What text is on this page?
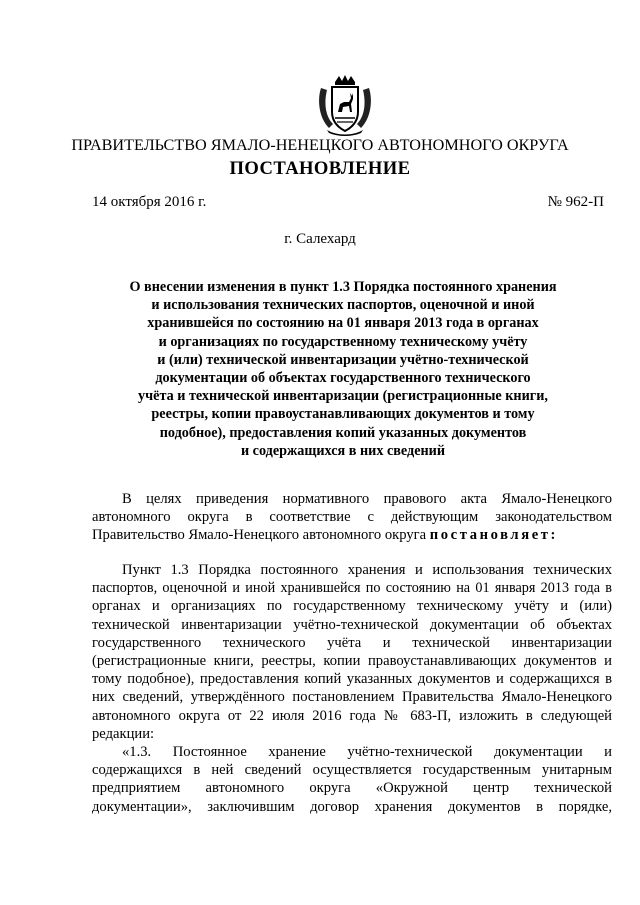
ПРАВИТЕЛЬСТВО ЯМАЛО-НЕНЕЦКОГО АВТОНОМНОГО ОКРУГА
ПОСТАНОВЛЕНИЕ
14 октября 2016 г.	№ 962-П
г. Салехард
О внесении изменения в пункт 1.3 Порядка постоянного хранения
и использования технических паспортов, оценочной и иной
хранившейся по состоянию на 01 января 2013 года в органах
и организациях по государственному техническому учёту
и (или) технической инвентаризации учётно-технической
документации об объектах государственного технического
учёта и технической инвентаризации (регистрационные книги,
реестры, копии правоустанавливающих документов и тому
подобное), предоставления копий указанных документов
и содержащихся в них сведений
В целях приведения нормативного правового акта Ямало-Ненецкого
автономного округа в соответствие с действующим законодательством
Правительство Ямало-Ненецкого автономного округа постановляет:
Пункт 1.3 Порядка постоянного хранения и использования технических
паспортов, оценочной и иной хранившейся по состоянию на 01 января 2013 года в
органах и организациях по государственному техническому учёту и (или)
технической инвентаризации учётно-технической документации об объектах
государственного технического учёта и технической инвентаризации
(регистрационные книги, реестры, копии правоустанавливающих документов и
тому подобное), предоставления копий указанных документов и содержащихся в
них сведений, утверждённого постановлением Правительства Ямало-Ненецкого
автономного округа от 22 июля 2016 года № 683-П, изложить в следующей
редакции:
«1.3. Постоянное хранение учётно-технической документации и
содержащихся в ней сведений осуществляется государственным унитарным
предприятием автономного округа «Окружной центр технической
документации», заключившим договор хранения документов в порядке,
